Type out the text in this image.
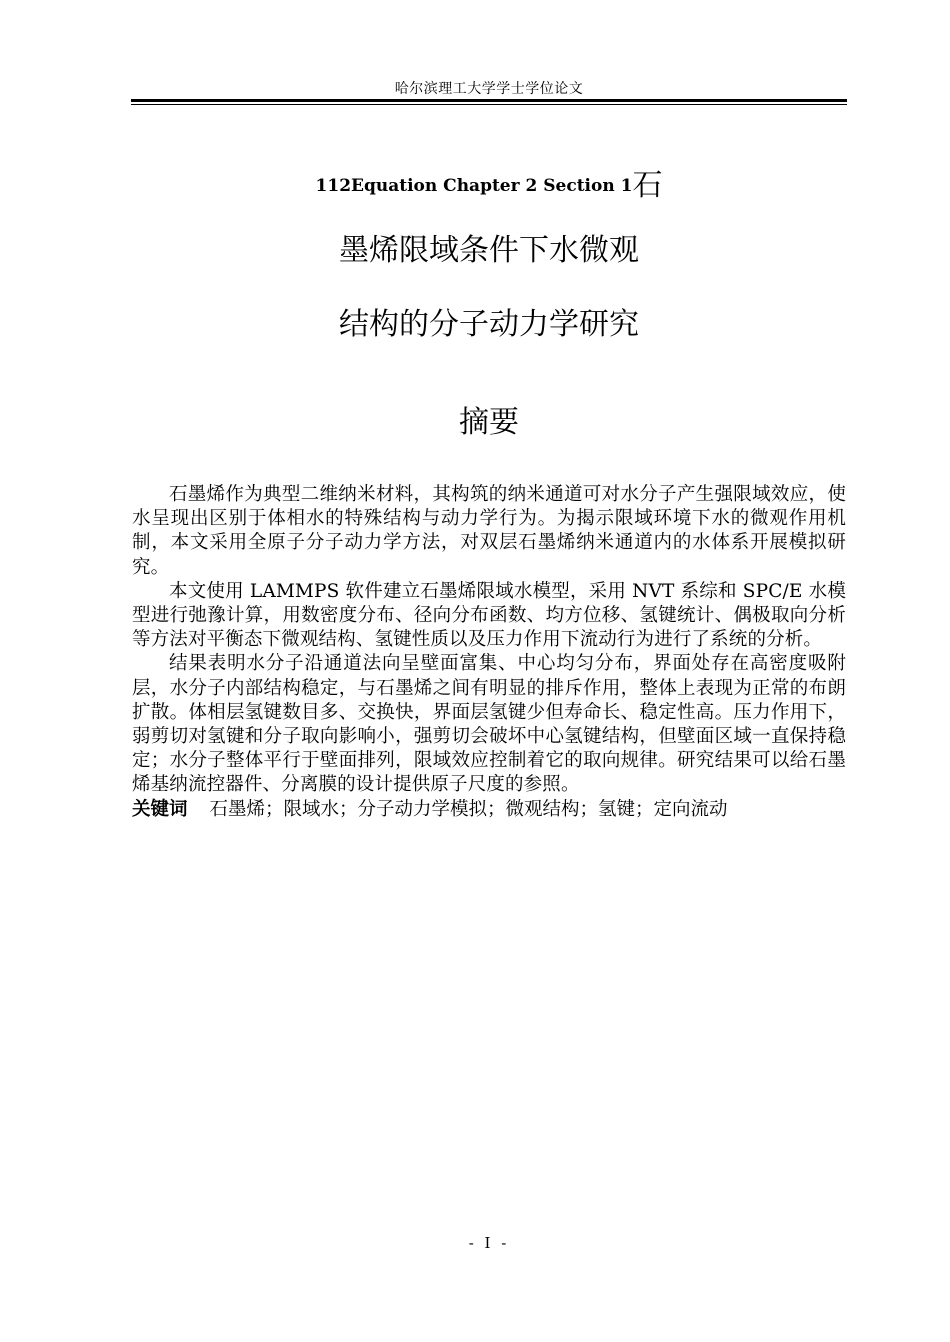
哈尔滨理工大学学士学位论文
112Equation Chapter 2 Section 1石
墨烯限域条件下水微观
结构的分子动力学研究
摘要

石墨烯作为典型二维纳米材料，其构筑的纳米通道可对水分子产生强限域效应，使水呈现出区别于体相水的特殊结构与动力学行为。为揭示限域环境下水的微观作用机制，本文采用全原子分子动力学方法，对双层石墨烯纳米通道内的水体系开展模拟研究。

本文使用 LAMMPS 软件建立石墨烯限域水模型，采用 NVT 系综和 SPC/E 水模型进行弛豫计算，用数密度分布、径向分布函数、均方位移、氢键统计、偶极取向分析等方法对平衡态下微观结构、氢键性质以及压力作用下流动行为进行了系统的分析。

结果表明水分子沿通道法向呈壁面富集、中心均匀分布，界面处存在高密度吸附层，水分子内部结构稳定，与石墨烯之间有明显的排斥作用，整体上表现为正常的布朗扩散。体相层氢键数目多、交换快，界面层氢键少但寿命长、稳定性高。压力作用下，弱剪切对氢键和分子取向影响小，强剪切会破坏中心氢键结构，但壁面区域一直保持稳定；水分子整体平行于壁面排列，限域效应控制着它的取向规律。研究结果可以给石墨烯基纳流控器件、分离膜的设计提供原子尺度的参照。

关键词 石墨烯；限域水；分子动力学模拟；微观结构；氢键；定向流动

- I -
